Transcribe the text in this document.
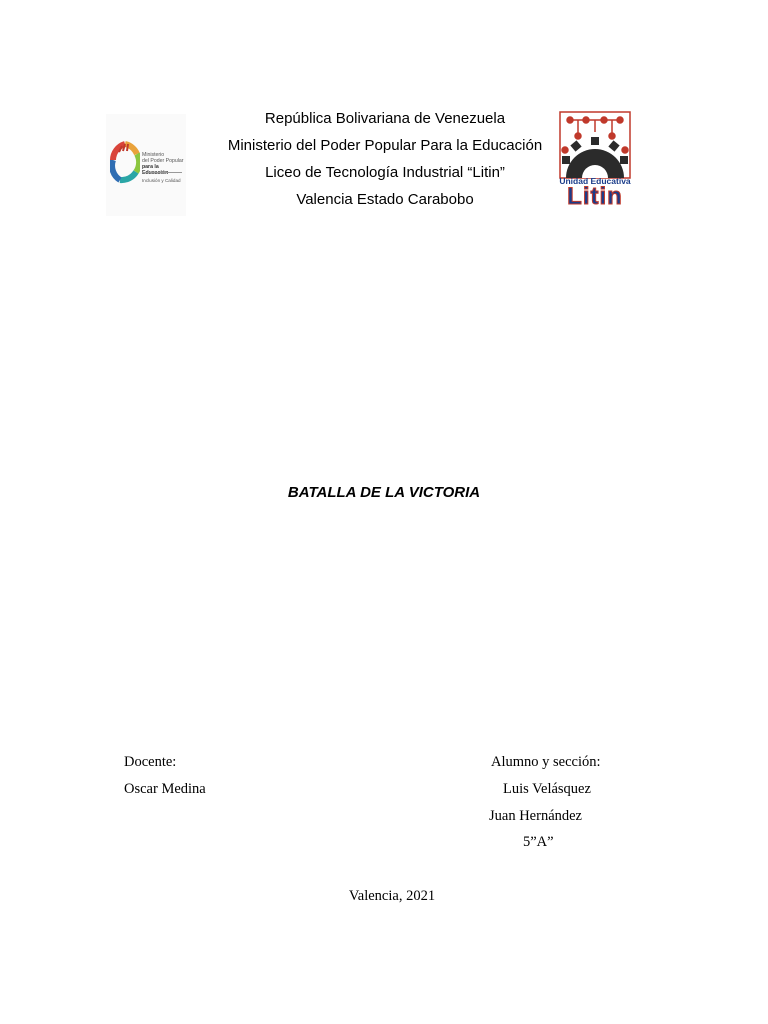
Ministerio
del Poder Popular
para la Educación
Inclusión y Calidad
República Bolivariana de Venezuela
Ministerio del Poder Popular Para la Educación
Liceo de Tecnología Industrial “Litin”
Valencia Estado Carabobo
Unidad Educativa
Litin
BATALLA DE LA VICTORIA
Docente:
Oscar Medina
Alumno y sección:
Luis Velásquez
Juan Hernández
5”A”
Valencia, 2021
